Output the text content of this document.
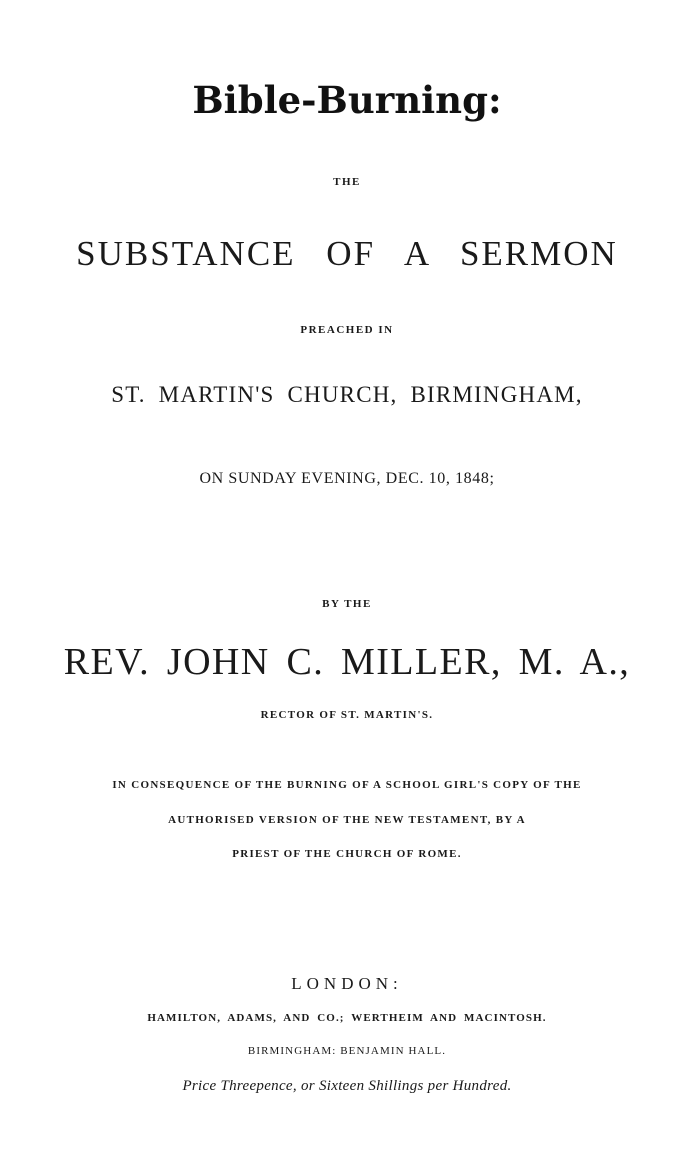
Bible-Burning:
THE
SUBSTANCE OF A SERMON
PREACHED IN
ST. MARTIN'S CHURCH, BIRMINGHAM,
ON SUNDAY EVENING, DEC. 10, 1848;
BY THE
REV. JOHN C. MILLER, M. A.,
RECTOR OF ST. MARTIN'S.
IN CONSEQUENCE OF THE BURNING OF A SCHOOL GIRL'S COPY OF THE
AUTHORISED VERSION OF THE NEW TESTAMENT, BY A
PRIEST OF THE CHURCH OF ROME.
LONDON:
HAMILTON, ADAMS, AND CO.; WERTHEIM AND MACINTOSH.
BIRMINGHAM: BENJAMIN HALL.
Price Threepence, or Sixteen Shillings per Hundred.
